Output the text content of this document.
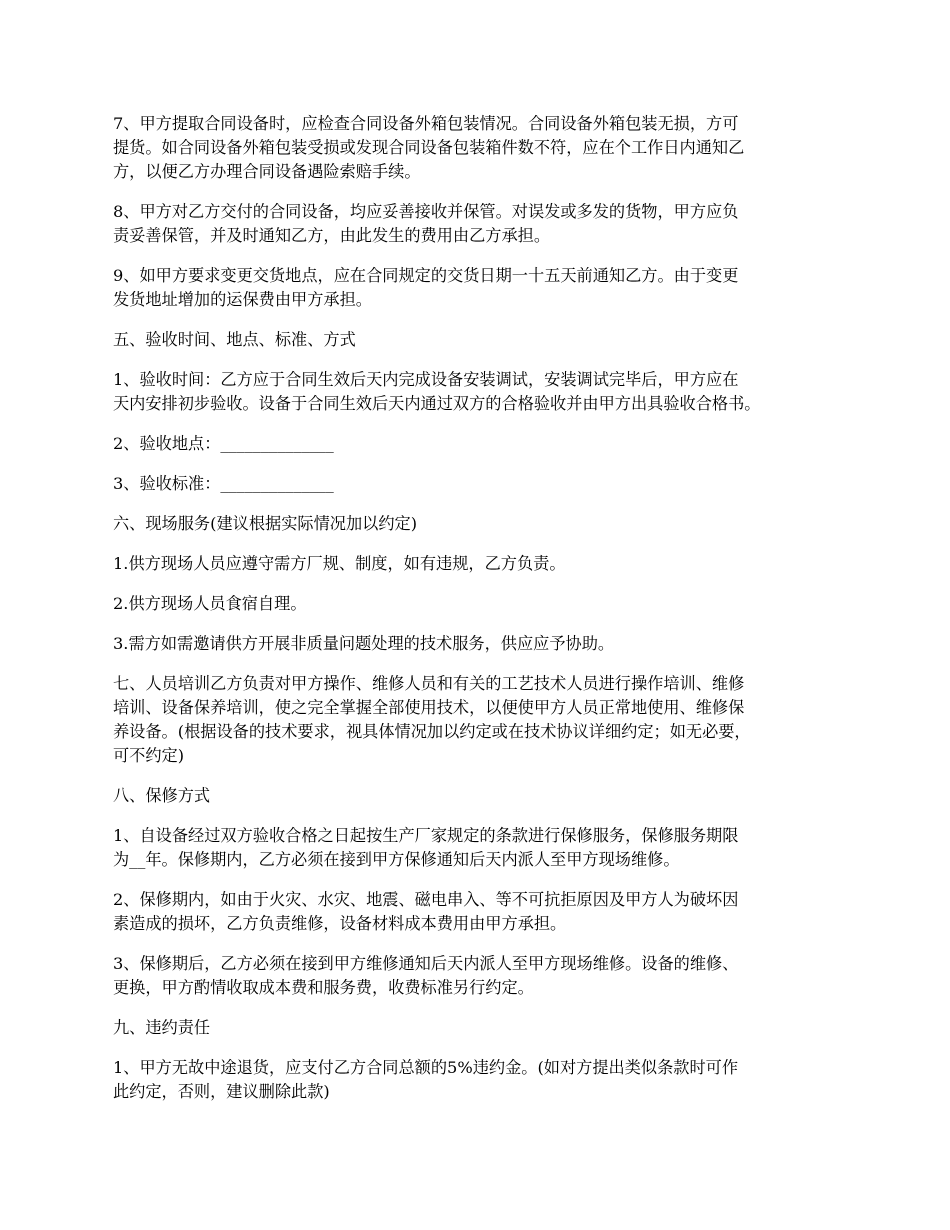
7、甲方提取合同设备时，应检查合同设备外箱包装情况。合同设备外箱包装无损，方可
提货。如合同设备外箱包装受损或发现合同设备包装箱件数不符，应在个工作日内通知乙
方，以便乙方办理合同设备遇险索赔手续。

8、甲方对乙方交付的合同设备，均应妥善接收并保管。对误发或多发的货物，甲方应负
责妥善保管，并及时通知乙方，由此发生的费用由乙方承担。

9、如甲方要求变更交货地点，应在合同规定的交货日期一十五天前通知乙方。由于变更
发货地址增加的运保费由甲方承担。

五、验收时间、地点、标准、方式

1、验收时间：乙方应于合同生效后天内完成设备安装调试，安装调试完毕后，甲方应在
天内安排初步验收。设备于合同生效后天内通过双方的合格验收并由甲方出具验收合格书。

2、验收地点：______________

3、验收标准：______________

六、现场服务(建议根据实际情况加以约定)

1.供方现场人员应遵守需方厂规、制度，如有违规，乙方负责。

2.供方现场人员食宿自理。

3.需方如需邀请供方开展非质量问题处理的技术服务，供应应予协助。

七、人员培训乙方负责对甲方操作、维修人员和有关的工艺技术人员进行操作培训、维修
培训、设备保养培训，使之完全掌握全部使用技术，以便使甲方人员正常地使用、维修保
养设备。(根据设备的技术要求，视具体情况加以约定或在技术协议详细约定；如无必要，
可不约定)

八、保修方式

1、自设备经过双方验收合格之日起按生产厂家规定的条款进行保修服务，保修服务期限
为__年。保修期内，乙方必须在接到甲方保修通知后天内派人至甲方现场维修。

2、保修期内，如由于火灾、水灾、地震、磁电串入、等不可抗拒原因及甲方人为破坏因
素造成的损坏，乙方负责维修，设备材料成本费用由甲方承担。

3、保修期后，乙方必须在接到甲方维修通知后天内派人至甲方现场维修。设备的维修、
更换，甲方酌情收取成本费和服务费，收费标准另行约定。

九、违约责任

1、甲方无故中途退货，应支付乙方合同总额的5%违约金。(如对方提出类似条款时可作
此约定，否则，建议删除此款)
